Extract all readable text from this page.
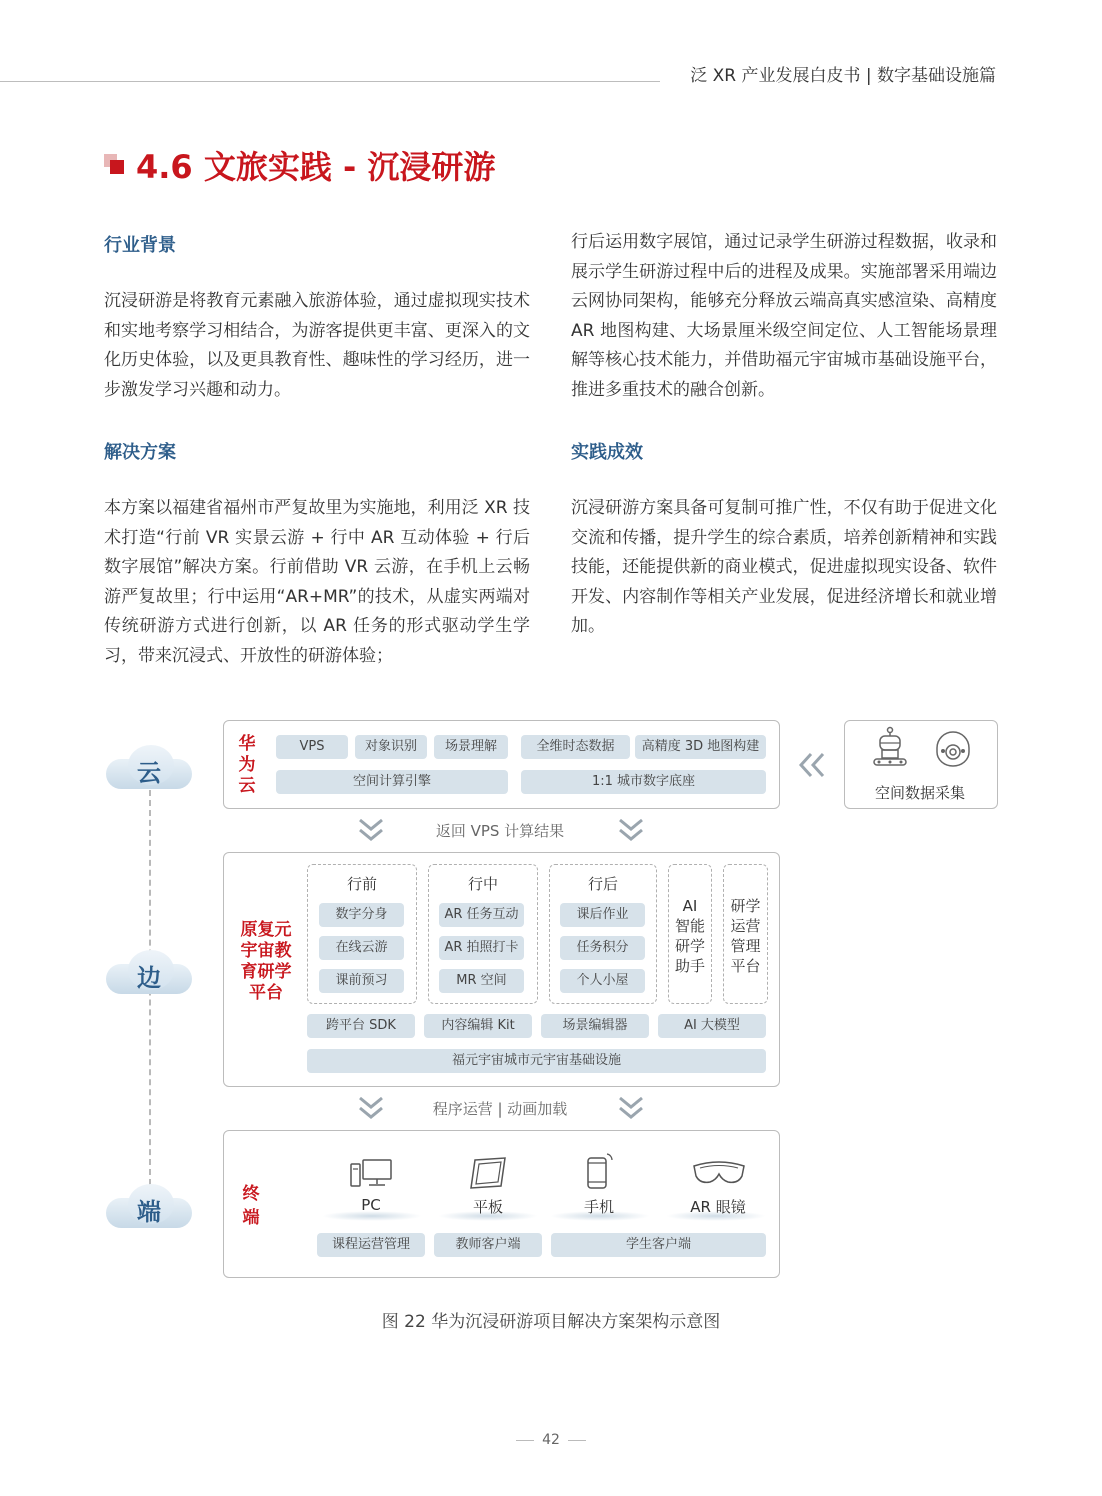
泛 XR 产业发展白皮书 | 数字基础设施篇
4.6 文旅实践 - 沉浸研游
行业背景
沉浸研游是将教育元素融入旅游体验，通过虚拟现实技术和实地考察学习相结合，为游客提供更丰富、更深入的文化历史体验，以及更具教育性、趣味性的学习经历，进一步激发学习兴趣和动力。
解决方案
本方案以福建省福州市严复故里为实施地，利用泛 XR 技术打造“行前 VR 实景云游 + 行中 AR 互动体验 + 行后数字展馆”解决方案。行前借助 VR 云游，在手机上云畅游严复故里；行中运用“AR+MR”的技术，从虚实两端对传统研游方式进行创新，以 AR 任务的形式驱动学生学习，带来沉浸式、开放性的研游体验；
行后运用数字展馆，通过记录学生研游过程数据，收录和展示学生研游过程中后的进程及成果。实施部署采用端边云网协同架构，能够充分释放云端高真实感渲染、高精度 AR 地图构建、大场景厘米级空间定位、人工智能场景理解等核心技术能力，并借助福元宇宙城市基础设施平台，推进多重技术的融合创新。
实践成效
沉浸研游方案具备可复制可推广性，不仅有助于促进文化交流和传播，提升学生的综合素质，培养创新精神和实践技能，还能提供新的商业模式，促进虚拟现实设备、软件开发、内容制作等相关产业发展，促进经济增长和就业增加。
云
边
端
华
为
云
VPS	对象识别	场景理解	全维时态数据	高精度 3D 地图构建
空间计算引擎	1:1 城市数字底座
空间数据采集
返回 VPS 计算结果
原复元
宇宙教
育研学
平台
行前
数字分身
在线云游
课前预习
行中
AR 任务互动
AR 拍照打卡
MR 空间
行后
课后作业
任务积分
个人小屋
AI
智能
研学
助手
研学
运营
管理
平台
跨平台 SDK	内容编辑 Kit	场景编辑器	AI 大模型
福元宇宙城市元宇宙基础设施
程序运营 | 动画加载
终
端
PC	平板	手机	AR 眼镜
课程运营管理	教师客户端	学生客户端
图 22 华为沉浸研游项目解决方案架构示意图
42
